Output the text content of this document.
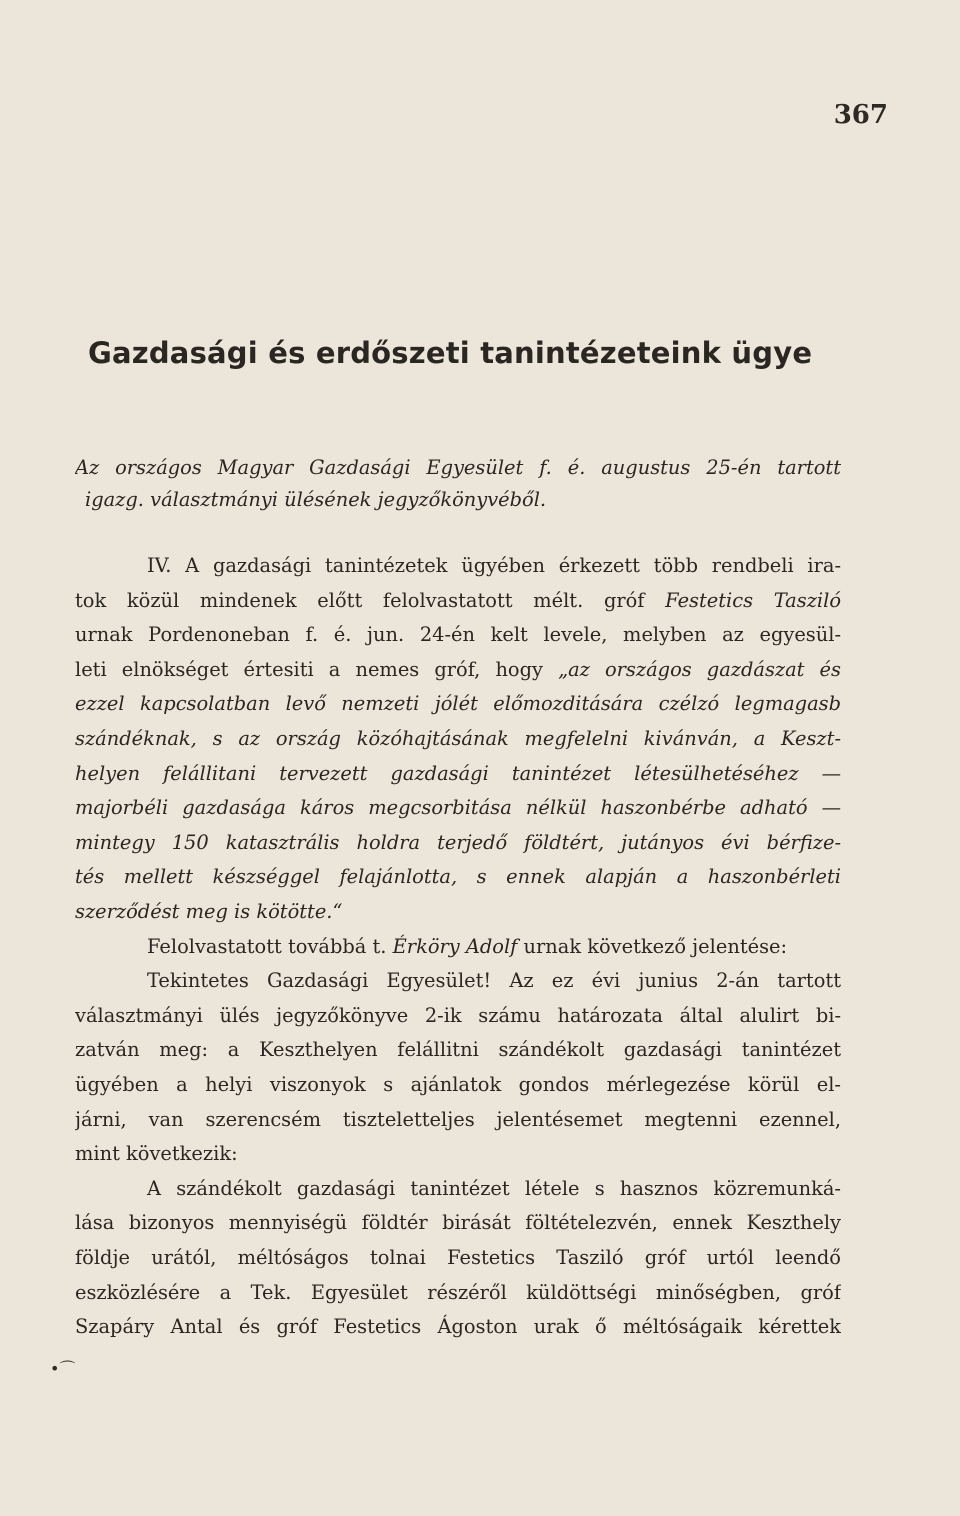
367
Gazdasági és erdőszeti tanintézeteink ügye
Az országos Magyar Gazdasági Egyesület f. é. augustus 25-én tartott
igazg. választmányi ülésének jegyzőkönyvéből.
IV. A gazdasági tanintézetek ügyében érkezett több rendbeli ira-
tok közül mindenek előtt felolvastatott mélt. gróf Festetics Tasziló
urnak Pordenoneban f. é. jun. 24-én kelt levele, melyben az egyesül-
leti elnökséget értesiti a nemes gróf, hogy „az országos gazdászat és
ezzel kapcsolatban levő nemzeti jólét előmozditására czélzó legmagasb
szándéknak, s az ország közóhajtásának megfelelni kivánván, a Keszt-
helyen felállitani tervezett gazdasági tanintézet létesülhetéséhez —
majorbéli gazdasága káros megcsorbitása nélkül haszonbérbe adható —
mintegy 150 katasztrális holdra terjedő földtért, jutányos évi bérfize-
tés mellett készséggel felajánlotta, s ennek alapján a haszonbérleti
szerződést meg is kötötte.“
Felolvastatott továbbá t. Érköry Adolf urnak következő jelentése:
Tekintetes Gazdasági Egyesület! Az ez évi junius 2-án tartott
választmányi ülés jegyzőkönyve 2-ik számu határozata által alulirt bi-
zatván meg: a Keszthelyen felállitni szándékolt gazdasági tanintézet
ügyében a helyi viszonyok s ajánlatok gondos mérlegezése körül el-
járni, van szerencsém tiszteletteljes jelentésemet megtenni ezennel,
mint következik:
A szándékolt gazdasági tanintézet létele s hasznos közremunká-
lása bizonyos mennyiségü földtér birását föltételezvén, ennek Keszthely
földje urától, méltóságos tolnai Festetics Tasziló gróf urtól leendő
eszközlésére a Tek. Egyesület részéről küldöttségi minőségben, gróf
Szapáry Antal és gróf Festetics Ágoston urak ő méltóságaik kérettek
•⌒
